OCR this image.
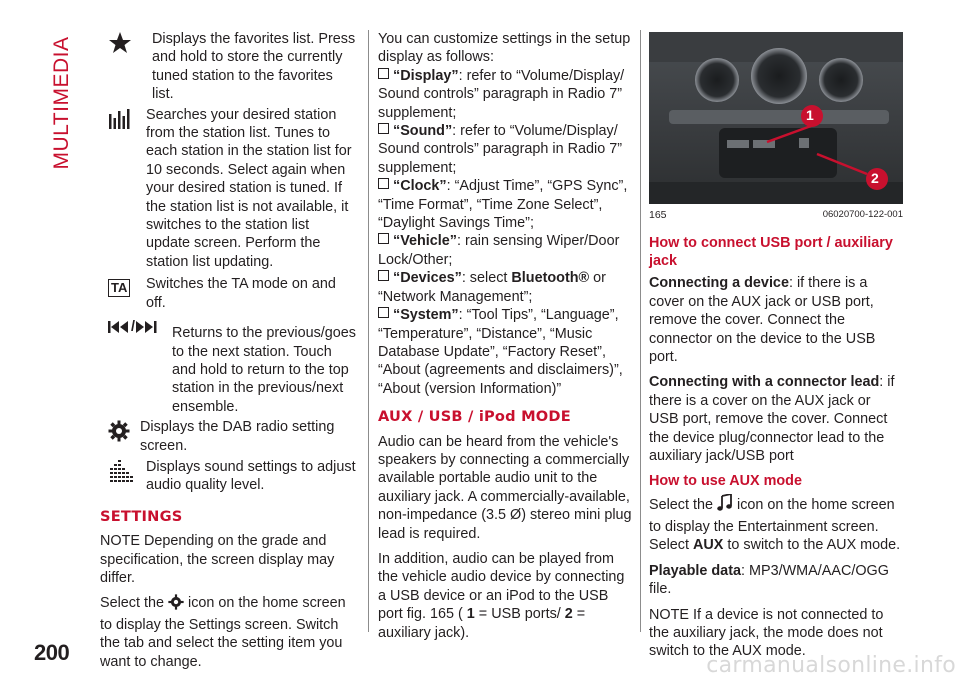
MULTIMEDIA	Displays the favorites list. Press and hold to store the currently tuned station to the favorites list.
Searches your desired station from the station list. Tunes to each station in the station list for 10 seconds. Select again when your desired station is tuned. If the station list is not available, it switches to the station list update screen. Perform the station list updating.
TA Switches the TA mode on and off.
/	Returns to the previous/goes to the next station. Touch and hold to return to the top station in the previous/next ensemble.
Displays the DAB radio setting screen.
Displays sound settings to adjust audio quality level.
SETTINGS

NOTE Depending on the grade and specification, the screen display may differ.

Select the icon on the home screen to display the Settings screen. Switch the tab and select the setting item you want to change.

You can customize settings in the setup display as follows:

“Display”: refer to “Volume/Display/ Sound controls” paragraph in Radio 7” supplement;
“Sound”: refer to “Volume/Display/ Sound controls” paragraph in Radio 7” supplement;
“Clock”: “Adjust Time”, “GPS Sync”, “Time Format”, “Time Zone Select”, “Daylight Savings Time”;
“Vehicle”: rain sensing Wiper/Door Lock/Other;
“Devices”: select Bluetooth® or “Network Management”;
“System”: “Tool Tips”, “Language”, “Temperature”, “Distance”, “Music Database Update”, “Factory Reset”, “About (agreements and disclaimers)”, “About (version Information)”
AUX / USB / iPod MODE

Audio can be heard from the vehicle's speakers by connecting a commercially available portable audio unit to the auxiliary jack. A commercially-available, non-impedance (3.5 Ø) stereo mini plug lead is required.

In addition, audio can be played from the vehicle audio device by connecting a USB device or an iPod to the USB port fig. 165 ( 1 = USB ports/ 2 = auxiliary jack).

1
2
165	06020700-122-001
How to connect USB port / auxiliary jack

Connecting a device: if there is a cover on the AUX jack or USB port, remove the cover. Connect the connector on the device to the USB port.

Connecting with a connector lead: if there is a cover on the AUX jack or USB port, remove the cover. Connect the device plug/connector lead to the auxiliary jack/USB port

How to use AUX mode

Select the icon on the home screen to display the Entertainment screen. Select AUX to switch to the AUX mode.

Playable data: MP3/WMA/AAC/OGG file.

NOTE If a device is not connected to the auxiliary jack, the mode does not switch to the AUX mode.

200
carmanualsonline.info
